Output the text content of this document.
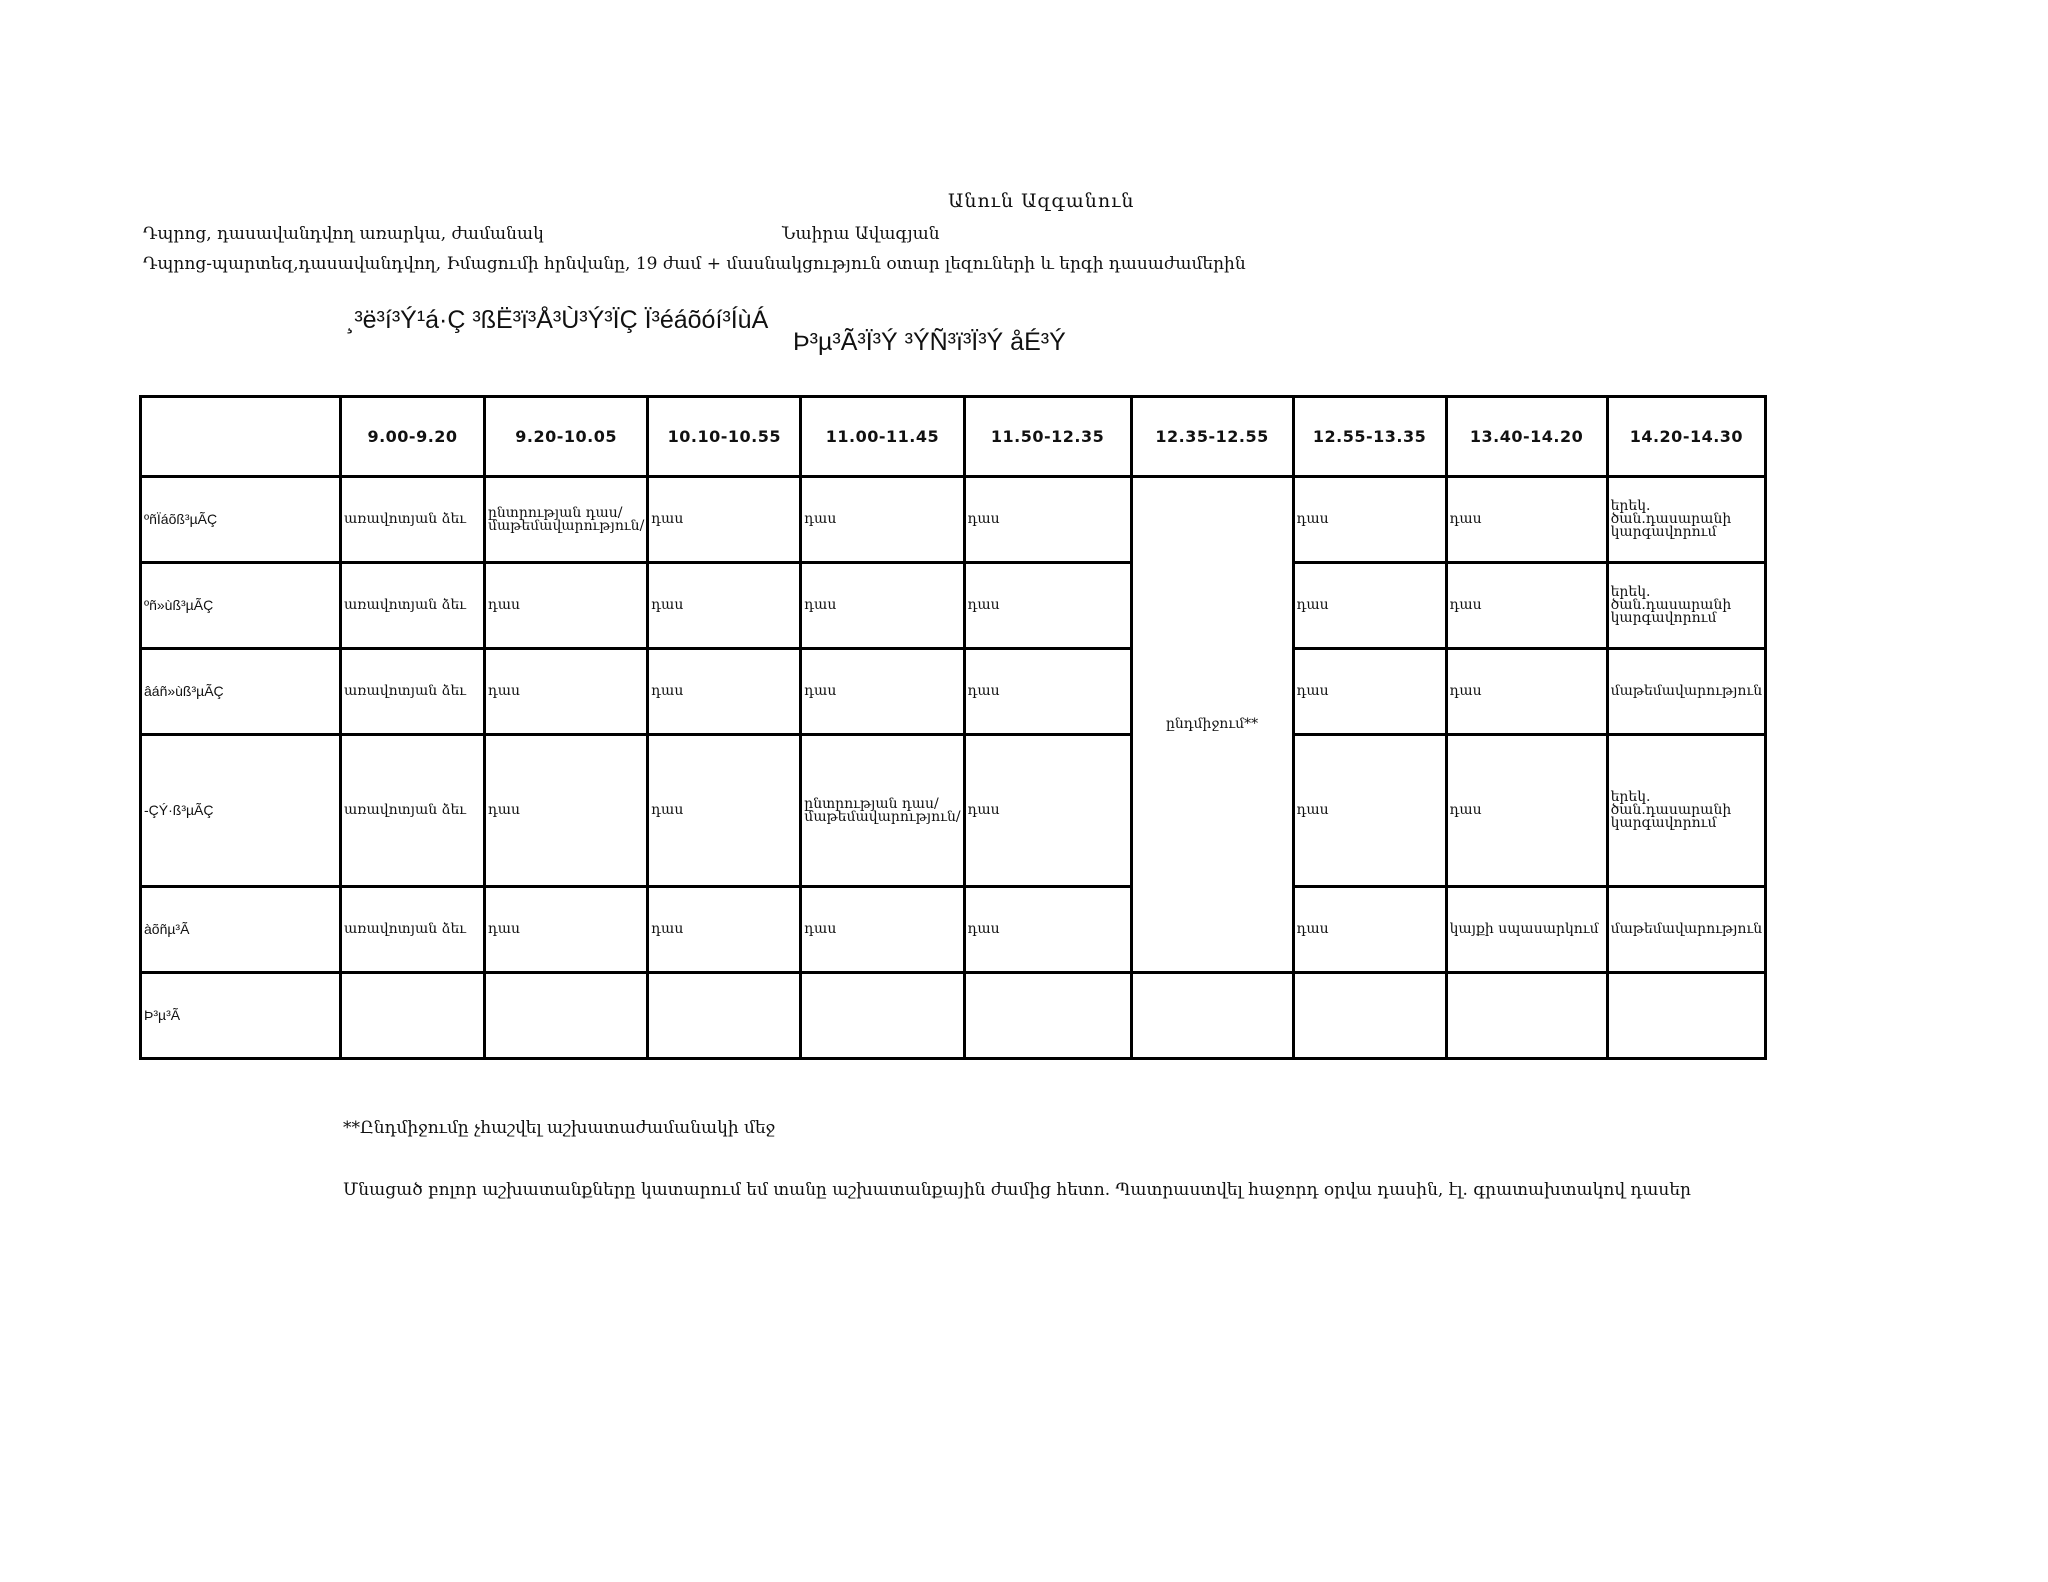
Անուն Ազգանուն
Դպրոց, դասավանդվող առարկա, ժամանակ	Նաիրա Ավագյան
Դպրոց-պարտեզ,դասավանդվող, Իմացումի հրնվանը, 19 ժամ + մասնակցություն օտար լեզուների և երգի դասաժամերին
¸³ë³í³Ý¹á·Ç ³ßË³ï³Å³Ù³Ý³ÏÇ Ï³éáõóí³ÍùÁ
Þ³µ³Ã³Ï³Ý ³ÝÑ³ï³Ï³Ý åÉ³Ý
	9.00-9.20	9.20-10.05	10.10-10.55	11.00-11.45	11.50-12.35	12.35-12.55	12.55-13.35	13.40-14.20	14.20-14.30
ºñÏáõß³µÃÇ	առավոտյան ձեւ	ընտրության դաս/մաթեմավարություն/	դաս	դաս	դաս	ընդմիջում**	դաս	դաս	երեկ. ծան.դասարանի կարգավորում
ºñ»ùß³µÃÇ	առավոտյան ձեւ	դաս	դաս	դաս	դաս		դաս	դաս	երեկ. ծան.դասարանի կարգավորում
âáñ»ùß³µÃÇ	առավոտյան ձեւ	դաս	դաս	դաս	դաս		դաս	դաս	մաթեմավարություն
-ÇÝ·ß³µÃÇ	առավոտյան ձեւ	դաս	դաս	ընտրության դաս/մաթեմավարություն/	դաս		դաս	դաս	երեկ. ծան.դասարանի կարգավորում
àõñµ³Ã	առավոտյան ձեւ	դաս	դաս	դաս	դաս		դաս	կայքի սպասարկում	մաթեմավարություն
Þ³µ³Ã									
**Ընդմիջումը չհաշվել աշխատաժամանակի մեջ
Մնացած բոլոր աշխատանքները կատարում եմ տանը աշխատանքային ժամից հետո. Պատրաստվել հաջորդ օրվա դասին, էլ. գրատախտակով դասեր
